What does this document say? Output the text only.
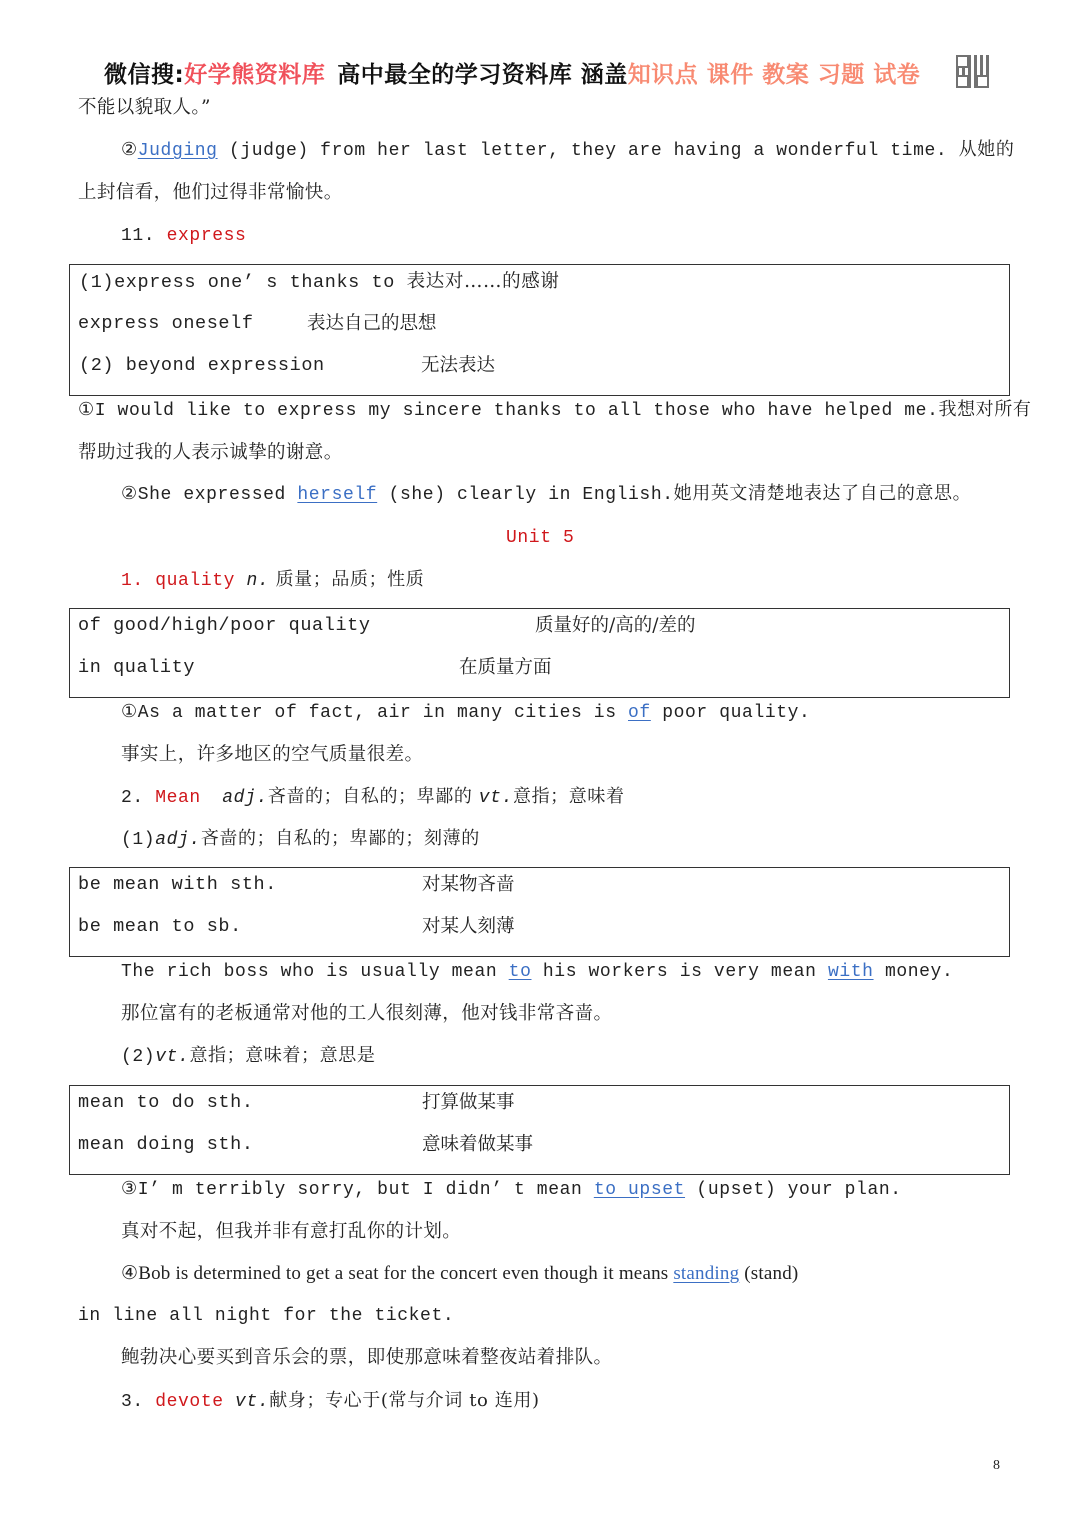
微信搜: 好学熊资料库 高中最全的学习资料库 涵盖 知识点 课件 教案 习题 试卷
不能以貌取人。”
②Judging (judge) from her last letter, they are having a wonderful time. 从她的
上封信看，他们过得非常愉快。
11. express
(1)express one’ s thanks to 表达对……的感谢
express oneself	表达自己的思想
(2) beyond expression	无法表达
①I would like to express my sincere thanks to all those who have helped me.我想对所有
帮助过我的人表示诚挚的谢意。
②She expressed herself (she) clearly in English.她用英文清楚地表达了自己的意思。
Unit 5
1. quality n. 质量；品质；性质
of good/high/poor quality	质量好的/高的/差的
in quality	在质量方面
①As a matter of fact, air in many cities is of poor quality.
事实上，许多地区的空气质量很差。
2. Mean adj.吝啬的；自私的；卑鄙的 vt.意指；意味着
(1)adj.吝啬的；自私的；卑鄙的；刻薄的
be mean with sth.	对某物吝啬
be mean to sb.	对某人刻薄
The rich boss who is usually mean to his workers is very mean with money.
那位富有的老板通常对他的工人很刻薄，他对钱非常吝啬。
(2)vt.意指；意味着；意思是
mean to do sth.	打算做某事
mean doing sth.	意味着做某事
③I’ m terribly sorry, but I didn’ t mean to upset (upset) your plan.
真对不起，但我并非有意打乱你的计划。
④Bob is determined to get a seat for the concert even though it means standing (stand)
in line all night for the ticket.
鲍勃决心要买到音乐会的票，即使那意味着整夜站着排队。
3. devote vt.献身；专心于(常与介词 to 连用)
8
